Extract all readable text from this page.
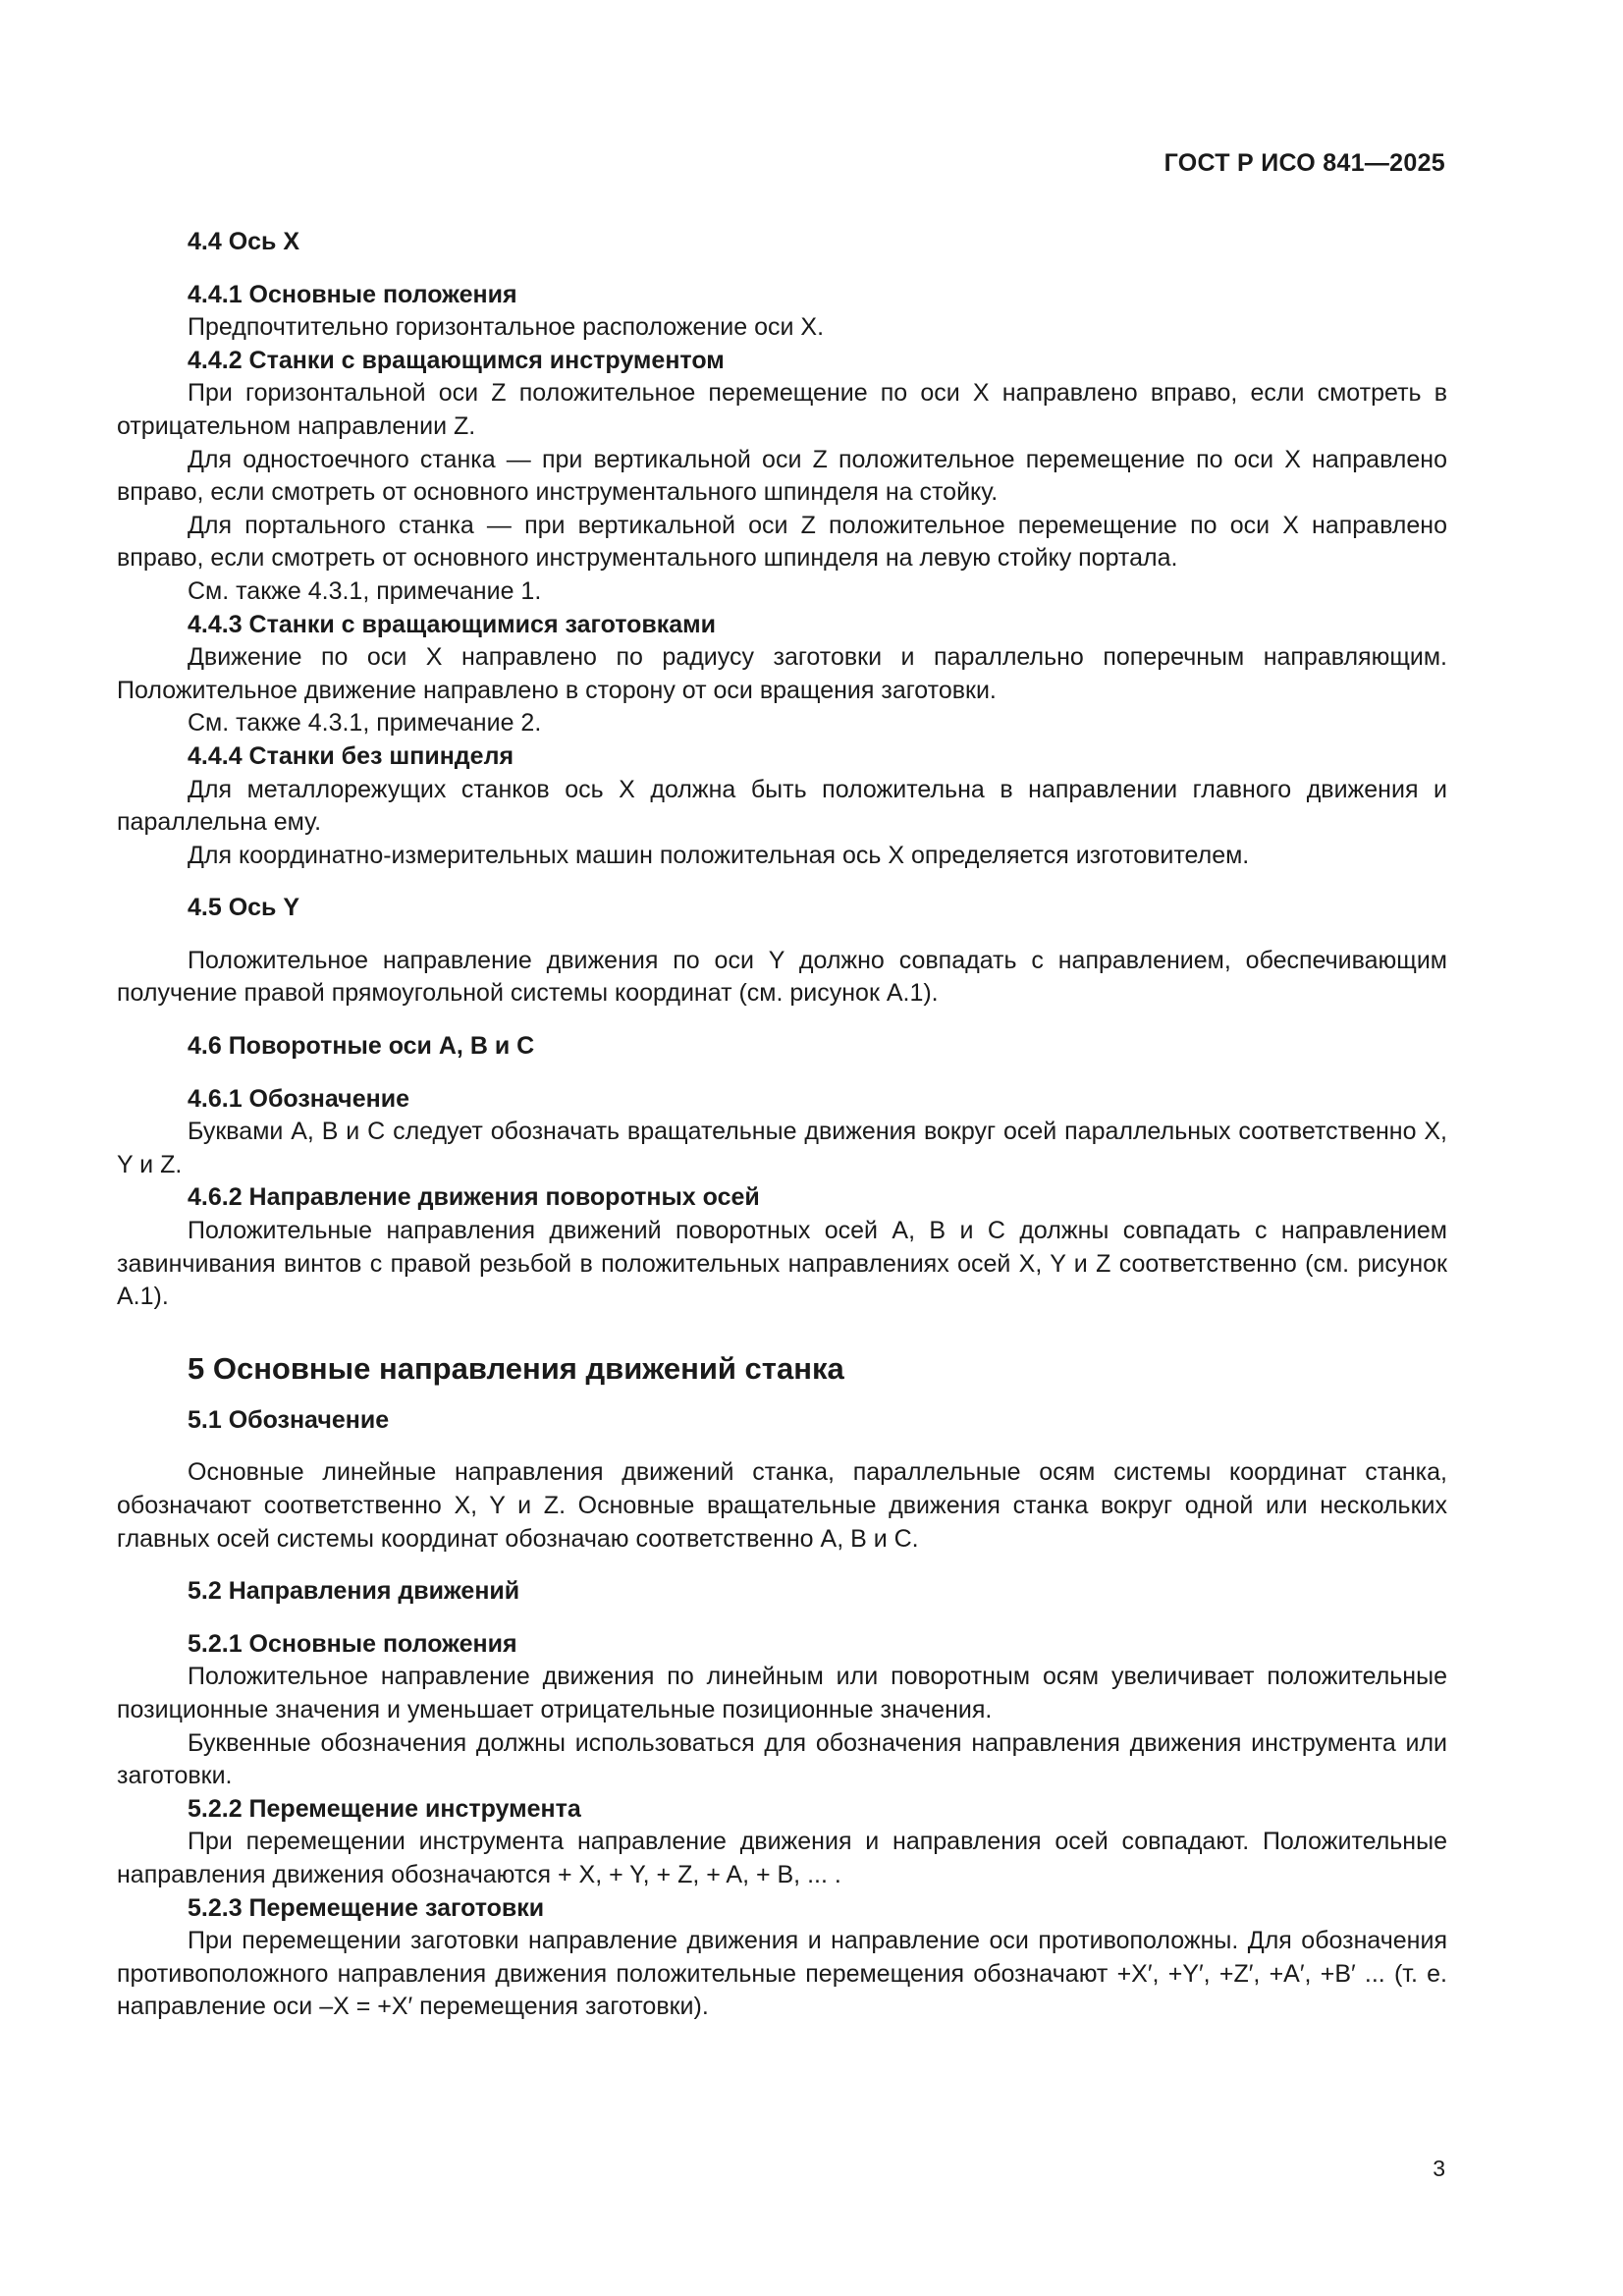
ГОСТ Р ИСО 841—2025
4.4 Ось X
4.4.1 Основные положения

Предпочтительно горизонтальное расположение оси X.

4.4.2 Станки с вращающимся инструментом

При горизонтальной оси Z положительное перемещение по оси X направлено вправо, если смотреть в отрицательном направлении Z.

Для одностоечного станка — при вертикальной оси Z положительное перемещение по оси X направлено вправо, если смотреть от основного инструментального шпинделя на стойку.

Для портального станка — при вертикальной оси Z положительное перемещение по оси X направлено вправо, если смотреть от основного инструментального шпинделя на левую стойку портала.

См. также 4.3.1, примечание 1.

4.4.3 Станки с вращающимися заготовками

Движение по оси X направлено по радиусу заготовки и параллельно поперечным направляющим. Положительное движение направлено в сторону от оси вращения заготовки.

См. также 4.3.1, примечание 2.

4.4.4 Станки без шпинделя

Для металлорежущих станков ось X должна быть положительна в направлении главного движения и параллельна ему.

Для координатно-измерительных машин положительная ось X определяется изготовителем.

4.5 Ось Y

Положительное направление движения по оси Y должно совпадать с направлением, обеспечивающим получение правой прямоугольной системы координат (см. рисунок А.1).

4.6 Поворотные оси A, B и C
4.6.1 Обозначение

Буквами A, B и C следует обозначать вращательные движения вокруг осей параллельных соответственно X, Y и Z.

4.6.2 Направление движения поворотных осей

Положительные направления движений поворотных осей A, B и C должны совпадать с направлением завинчивания винтов с правой резьбой в положительных направлениях осей X, Y и Z соответственно (см. рисунок А.1).

5 Основные направления движений станка
5.1 Обозначение

Основные линейные направления движений станка, параллельные осям системы координат станка, обозначают соответственно X, Y и Z. Основные вращательные движения станка вокруг одной или нескольких главных осей системы координат обозначаю соответственно A, B и C.

5.2 Направления движений
5.2.1 Основные положения

Положительное направление движения по линейным или поворотным осям увеличивает положительные позиционные значения и уменьшает отрицательные позиционные значения.

Буквенные обозначения должны использоваться для обозначения направления движения инструмента или заготовки.

5.2.2 Перемещение инструмента

При перемещении инструмента направление движения и направления осей совпадают. Положительные направления движения обозначаются + X, + Y, + Z, + A, + B, ... .

5.2.3 Перемещение заготовки

При перемещении заготовки направление движения и направление оси противоположны. Для обозначения противоположного направления движения положительные перемещения обозначают +X′, +Y′, +Z′, +A′, +B′ ... (т. е. направление оси –X = +X′ перемещения заготовки).

3
